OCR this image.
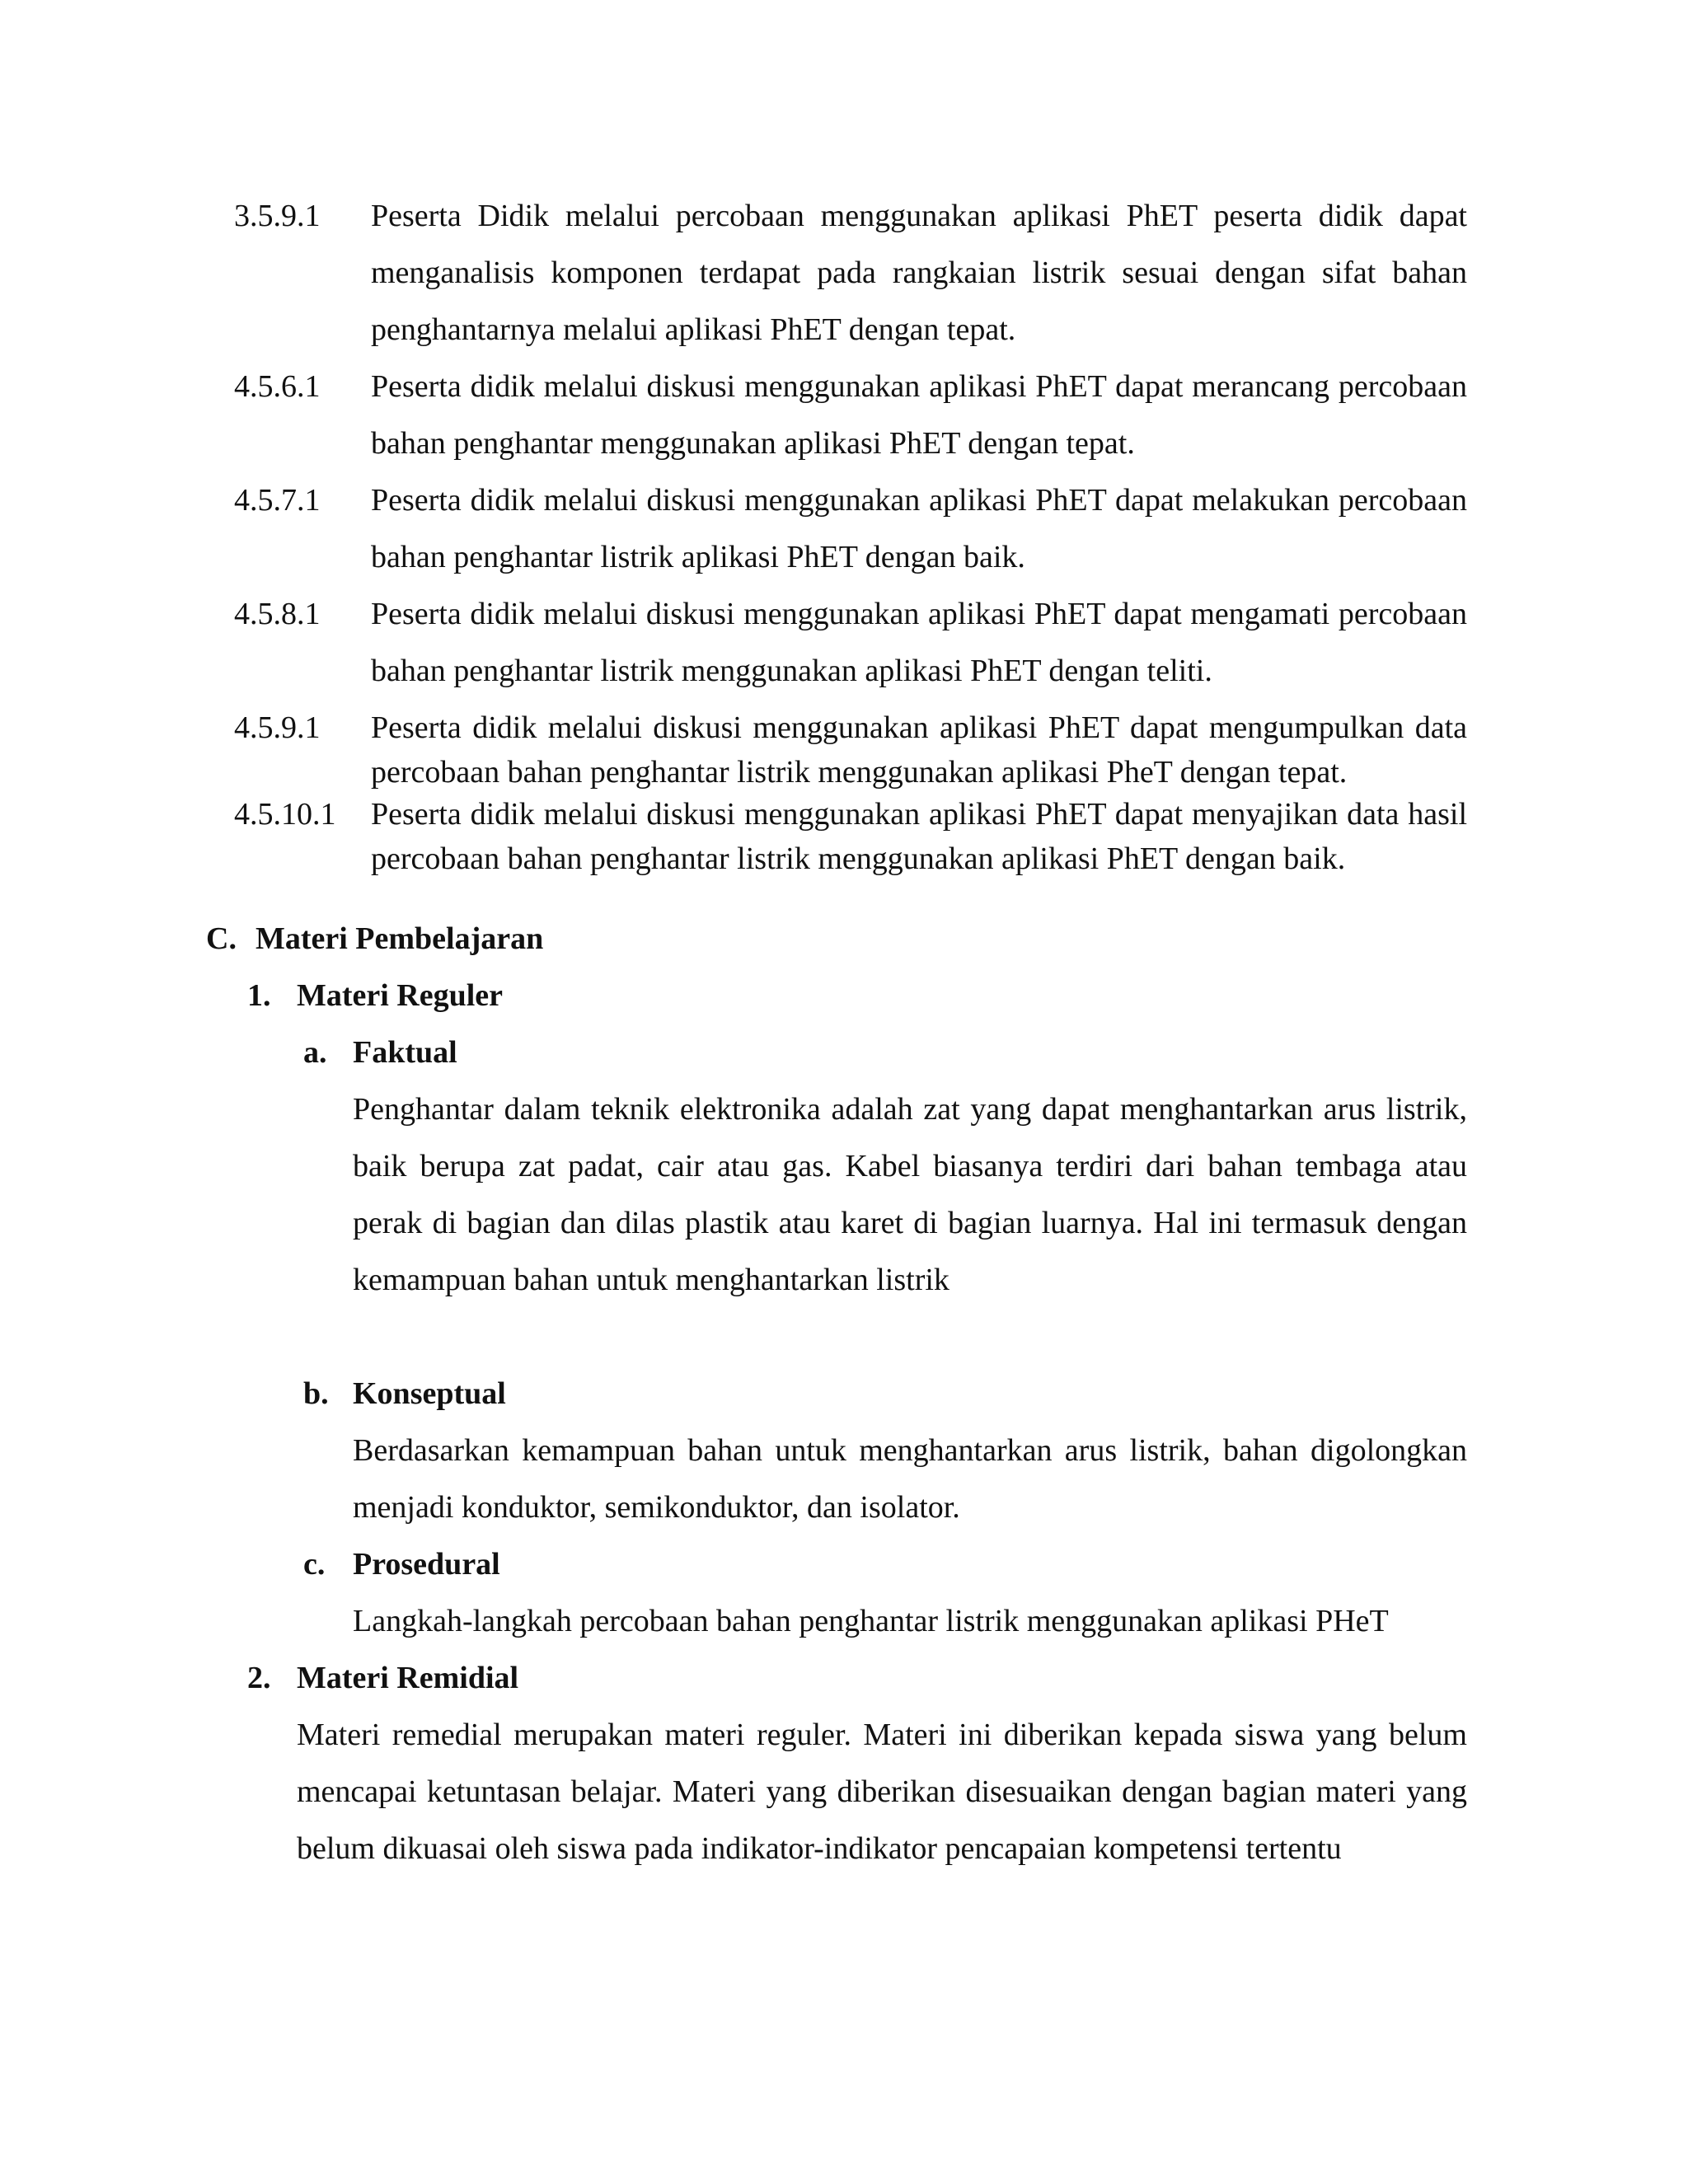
3.5.9.1 Peserta Didik melalui percobaan menggunakan aplikasi PhET peserta didik dapat menganalisis komponen terdapat pada rangkaian listrik sesuai dengan sifat bahan penghantarnya melalui aplikasi PhET dengan tepat.
4.5.6.1 Peserta didik melalui diskusi menggunakan aplikasi PhET dapat merancang percobaan bahan penghantar menggunakan aplikasi PhET dengan tepat.
4.5.7.1 Peserta didik melalui diskusi menggunakan aplikasi PhET dapat melakukan percobaan bahan penghantar listrik aplikasi PhET dengan baik.
4.5.8.1 Peserta didik melalui diskusi menggunakan aplikasi PhET dapat mengamati percobaan bahan penghantar listrik menggunakan aplikasi PhET dengan teliti.
4.5.9.1 Peserta didik melalui diskusi menggunakan aplikasi PhET dapat mengumpulkan data percobaan bahan penghantar listrik menggunakan aplikasi PheT dengan tepat.
4.5.10.1 Peserta didik melalui diskusi menggunakan aplikasi PhET dapat menyajikan data hasil percobaan bahan penghantar listrik menggunakan aplikasi PhET dengan baik.
C. Materi Pembelajaran
1. Materi Reguler
a. Faktual
Penghantar dalam teknik elektronika adalah zat yang dapat menghantarkan arus listrik, baik berupa zat padat, cair atau gas. Kabel biasanya terdiri dari bahan tembaga atau perak di bagian dan dilas plastik atau karet di bagian luarnya. Hal ini termasuk dengan kemampuan bahan untuk menghantarkan listrik
b. Konseptual
Berdasarkan kemampuan bahan untuk menghantarkan arus listrik, bahan digolongkan menjadi konduktor, semikonduktor, dan isolator.
c. Prosedural
Langkah-langkah percobaan bahan penghantar listrik menggunakan aplikasi PHeT
2. Materi Remidial
Materi remedial merupakan materi reguler. Materi ini diberikan kepada siswa yang belum mencapai ketuntasan belajar. Materi yang diberikan disesuaikan dengan bagian materi yang belum dikuasai oleh siswa pada indikator-indikator pencapaian kompetensi tertentu
